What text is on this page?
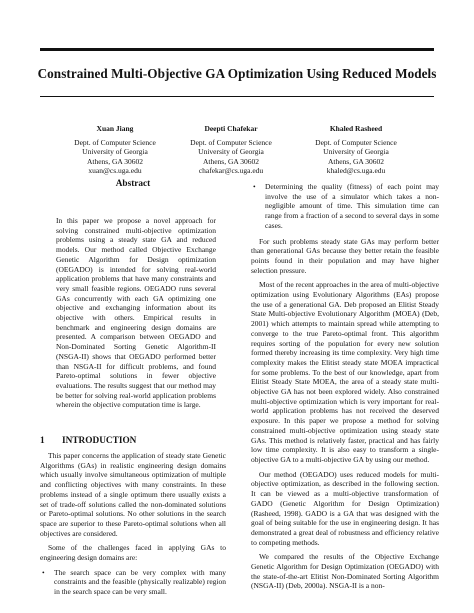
Constrained Multi-Objective GA Optimization Using Reduced Models
Xuan Jiang
Dept. of Computer Science
University of Georgia
Athens, GA 30602
xuan@cs.uga.edu
Deepti Chafekar
Dept. of Computer Science
University of Georgia
Athens, GA 30602
chafekar@cs.uga.edu
Khaled Rasheed
Dept. of Computer Science
University of Georgia
Athens, GA 30602
khaled@cs.uga.edu
Abstract
In this paper we propose a novel approach for solving constrained multi-objective optimization problems using a steady state GA and reduced models. Our method called Objective Exchange Genetic Algorithm for Design optimization (OEGADO) is intended for solving real-world application problems that have many constraints and very small feasible regions. OEGADO runs several GAs concurrently with each GA optimizing one objective and exchanging information about its objective with others. Empirical results in benchmark and engineering design domains are presented. A comparison between OEGADO and Non-Dominated Sorting Genetic Algorithm-II (NSGA-II) shows that OEGADO performed better than NSGA-II for difficult problems, and found Pareto-optimal solutions in fewer objective evaluations. The results suggest that our method may be better for solving real-world application problems wherein the objective computation time is large.
1 INTRODUCTION

This paper concerns the application of steady state Genetic Algorithms (GAs) in realistic engineering design domains which usually involve simultaneous optimization of multiple and conflicting objectives with many constraints. In these problems instead of a single optimum there usually exists a set of trade-off solutions called the non-dominated solutions or Pareto-optimal solutions. No other solutions in the search space are superior to these Pareto-optimal solutions when all objectives are considered.

Some of the challenges faced in applying GAs to engineering design domains are:

• The search space can be very complex with many constraints and the feasible (physically realizable) region in the search space can be very small.
• Determining the quality (fitness) of each point may involve the use of a simulator which takes a non-negligible amount of time. This simulation time can range from a fraction of a second to several days in some cases.

For such problems steady state GAs may perform better than generational GAs because they better retain the feasible points found in their population and may have higher selection pressure.

Most of the recent approaches in the area of multi-objective optimization using Evolutionary Algorithms (EAs) propose the use of a generational GA. Deb proposed an Elitist Steady State Multi-objective Evolutionary Algorithm (MOEA) (Deb, 2001) which attempts to maintain spread while attempting to converge to the true Pareto-optimal front. This algorithm requires sorting of the population for every new solution formed thereby increasing its time complexity. Very high time complexity makes the Elitist steady state MOEA impractical for some problems. To the best of our knowledge, apart from Elitist Steady State MOEA, the area of a steady state multi-objective GA has not been explored widely. Also constrained multi-objective optimization which is very important for real-world application problems has not received the deserved exposure. In this paper we propose a method for solving constrained multi-objective optimization using steady state GAs. This method is relatively faster, practical and has fairly low time complexity. It is also easy to transform a single-objective GA to a multi-objective GA by using our method.

Our method (OEGADO) uses reduced models for multi-objective optimization, as described in the following section. It can be viewed as a multi-objective transformation of GADO (Genetic Algorithm for Design Optimization) (Rasheed, 1998). GADO is a GA that was designed with the goal of being suitable for the use in engineering design. It has demonstrated a great deal of robustness and efficiency relative to competing methods.

We compared the results of the Objective Exchange Genetic Algorithm for Design Optimization (OEGADO) with the state-of-the-art Elitist Non-Dominated Sorting Algorithm (NSGA-II) (Deb, 2000a). NSGA-II is a non-
